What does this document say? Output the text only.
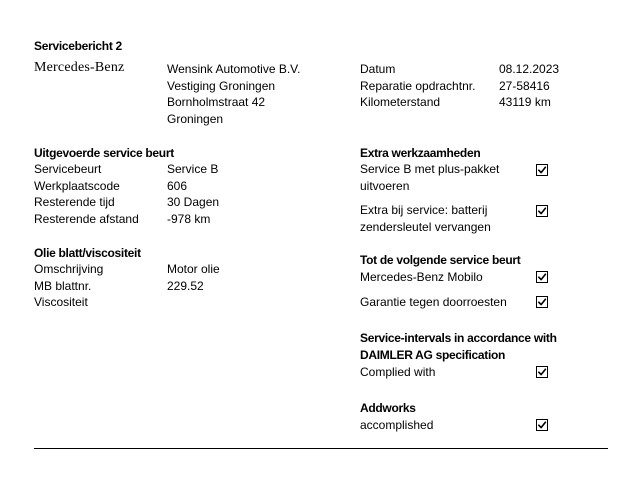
Servicebericht 2
Mercedes-Benz	Wensink Automotive B.V.
Vestiging Groningen
Bornholmstraat 42
Groningen
Datum	08.12.2023
Reparatie opdrachtnr. 27-58416
Kilometerstand	43119 km
Uitgevoerde service beurt
Servicebeurt	Service B
Werkplaatscode	606
Resterende tijd	30 Dagen
Resterende afstand -978 km
Olie blatt/viscositeit
Omschrijving	Motor olie
MB blattnr.	229.52
Viscositeit
Extra werkzaamheden
Service B met plus-pakket
uitvoeren
Extra bij service: batterij
zendersleutel vervangen
Tot de volgende service beurt
Mercedes-Benz Mobilo
Garantie tegen doorroesten
Service-intervals in accordance with
DAIMLER AG specification
Complied with
Addworks
accomplished
